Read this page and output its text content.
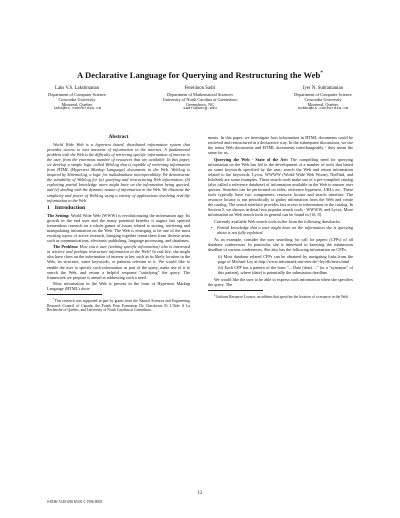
A Declarative Language for Querying and Restructuring the Web*
Laks V.S. Lakshmanan
Department of Computer Science
Concordia University
Montreal, Quebec
laks@cs.concordia.ca
Fereidoon Sadri
Department of Mathematical Sciences
University of North Carolina at Greensboro
Greensboro, NC
sadri@uncg.edu
Iyer N. Subramanian
Department of Computer Science
Concordia University
Montreal, Quebec
subbu@cs.concordia.ca
Abstract

World Wide Web is a hypertext based, distributed information system that provides access to vast amounts of information in the internet. A fundamental problem with the Web is the difficulty of retrieving specific information of interest to the user, from the enormous number of resources that are available. In this paper, we develop a simple logic called WebLog that is capable of retrieving information from HTML (Hypertext Markup Language) documents in the Web. WebLog is inspired by SchemaLog, a logic for multidatabase interoperability. We demonstrate the suitability of WebLog for (a) querying and restructuring Web information, (b) exploiting partial knowledge users might have on the information being queried, and (c) dealing with the dynamic nature of information in the Web. We illustrate the simplicity and power of WebLog using a variety of applications involving real-life information in the Web.

1 Introduction

The Setting: World Wide Web (WWW) is revolutionizing the information age. Its growth in the end user and the many potential benefits it augurs has spurred tremendous research on a whole gamut of issues related to storing, retrieving and manipulating information on the Web. The Web is emerging to be one of the most exciting topics of active research, bringing together researchers from diverse areas such as communications, electronic publishing, language processing, and databases.

The Problem: How can a user (seeking specific information) who is interested in retrieve and perhaps restructure information in the Web? In real life, she might also have clues on the information of interest to her, such as its likely location in the Web, its structure, some keywords, or patterns relevant to it. We would like to enable the user to specify such information as part of the query, make use of it to search the Web, and return a helpful response "satisfying" the query. The framework we propose is aimed at addressing such a need.

Most information in the Web is present in the form of Hypertext Markup Language (HTML) docu-

*This research was supported in part by grants from the Natural Sciences and Engineering Research Council of Canada, the Fonds Pour Formation De Chercheurs Et L'Aide A La Recherche of Quebec, and University of North Carolina at Greensboro.

ments. In this paper, we investigate how information in HTML documents could be retrieved and restructured in a declarative way. In the subsequent discussions, we use the terms Web documents and HTML documents interchangeably - they mean the same for us.

Querying the Web - State of the Art: The compelling need for querying information on the Web has led to the development of a number of tools that based on some keywords specified by the user, search the Web and return information related to the keywords. Lycos, WWWW (World Wide Web Worm), NetFind, and InfoSeek are some examples. These search tools make use of a pre-compiled catalog (also called a reference database) of information available in the Web to answer user queries. Searches can be performed on titles, reference hypertext, URLs etc. These tools typically have two components: resource locator and search interface. The resource locator is run periodically to gather information from the Web and create the catalog. The search interface provides fast access to information in the catalog. In Section 5, we discuss in detail two popular search tools - WWWW, and Lycos. More information on Web search tools in general can be found in [16, 8].

Currently available Web search tools suffer from the following drawbacks.

• Partial knowledge that a user might have on the information she is querying about is not fully exploited.

As an example, consider the user searching for call for papers (CFPs) of all database conferences. In particular, she is interested in knowing the submission deadline of various conferences. She also has the following information on CFPs:

(i) Most database related CFPs can be obtained by navigating links from the page of Michael Ley at http://www.informatik.uni-trier.de/~ley/db/news.html
(ii) Each CFP has a pattern of the form "... Date (date) ..." (or a "synonym" of this pattern), where (date) is potentially the submission deadline.

We would like the user to be able to express such information when she specifies the query. The

$^1$Uniform Resource Locator, an address that specifies the location of a resource in the Web.

12
0-8186-7240-4/96 $5.00 © 1996 IEEE
